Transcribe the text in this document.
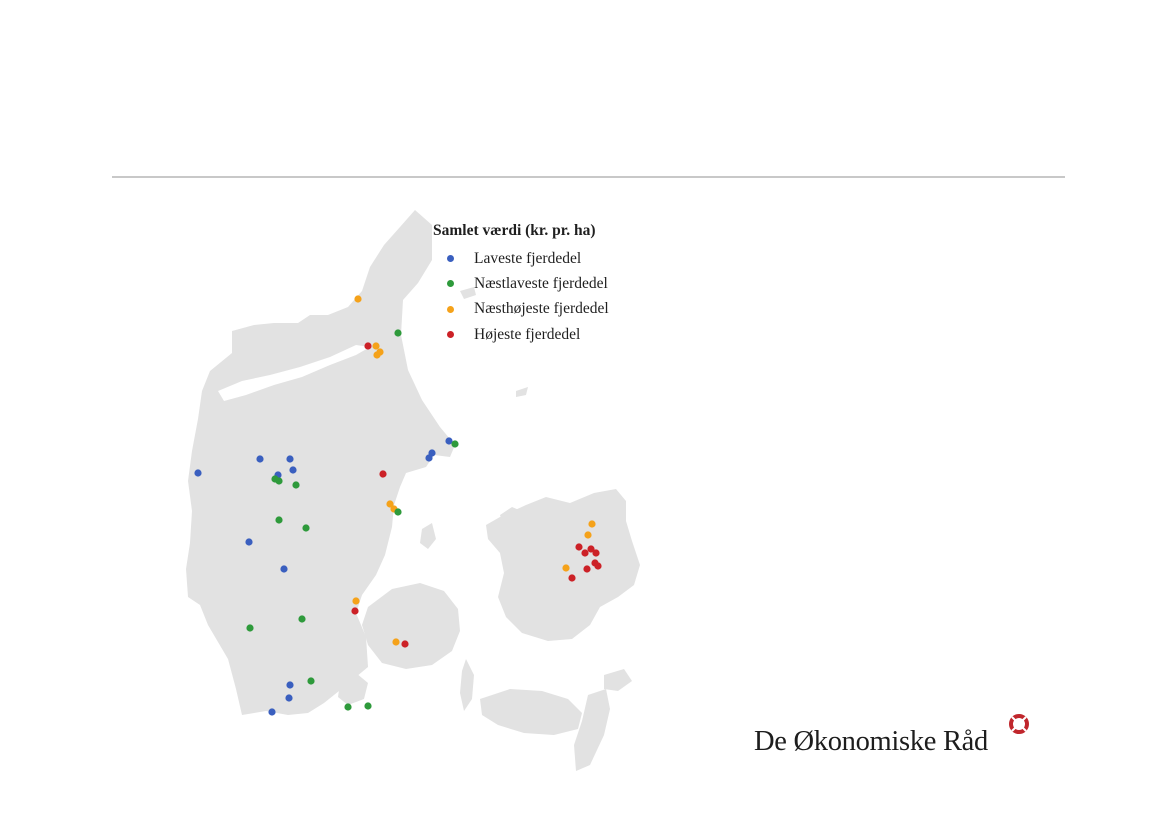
Samlet værdi (kr. pr. ha)
Laveste fjerdedel
Næstlaveste fjerdedel
Næsthøjeste fjerdedel
Højeste fjerdedel
De Økonomiske Råd
